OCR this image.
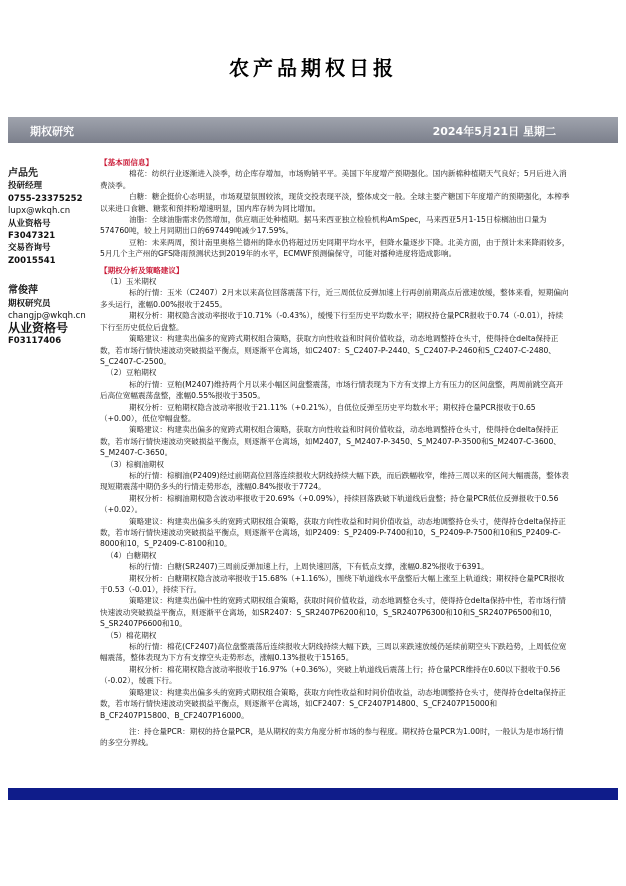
农产品期权日报
期权研究	2024年5月21日 星期二
卢品先
投研经理
0755-23375252
lupx@wkqh.cn
从业资格号
F3047321
交易咨询号
Z0015541
常俊萍
期权研究员
changjp@wkqh.cn
从业资格号
F03117406

【基本面信息】

棉花：纺织行业逐渐进入淡季，纺企库存增加，市场购销平平。美国下年度增产预期强化。国内新棉种植期天气良好；5月后进入消费淡季。

白糖：糖企挺价心态明显，市场观望氛围较浓，现货交投表现平淡，整体成交一般。全球主要产糖国下年度增产的预期强化，本榨季以来进口食糖、糖浆和预拌粉增速明显，国内库存转为同比增加。

油脂：全球油脂需求仍然增加，供应端正处种植期。据马来西亚独立检验机构AmSpec，马来西亚5月1-15日棕榈油出口量为574760吨，较上月同期出口的697449吨减少17.59%。

豆粕：未来两周，预计南里奥格兰德州的降水仍将超过历史同期平均水平，但降水量逐步下降。北美方面，由于预计未来降雨较多，5月几个主产州的GFS降雨预测状达到2019年的水平，ECMWF预测偏保守，可能对播种进度将造成影响。

【期权分析及策略建议】

（1）玉米期权

标的行情：玉米（C2407）2月末以来高位回落震荡下行，近三周低位反弹加速上行再创前期高点后涨速放缓，整体来看，短期偏向多头运行，涨幅0.00%报收于2455。

期权分析：期权隐含波动率报收于10.71%（-0.43%），缓慢下行至历史平均数水平；期权持仓量PCR报收于0.74（-0.01），持续下行至历史低位后盘整。

策略建议：构建卖出偏多的宽跨式期权组合策略，获取方向性收益和时间价值收益，动态地调整持仓头寸，使得持仓delta保持正数，若市场行情快速波动突破损益平衡点，则逐渐平仓离场，如C2407：S_C2407-P-2440、S_C2407-P-2460和S_C2407-C-2480、S_C2407-C-2500。

（2）豆粕期权

标的行情：豆粕(M2407)维持两个月以来小幅区间盘整震荡，市场行情表现为下方有支撑上方有压力的区间盘整，两周前跳空高开后高位宽幅震荡盘整，涨幅0.55%报收于3505。

期权分析：豆粕期权隐含波动率报收于21.11%（+0.21%），自低位反弹至历史平均数水平；期权持仓量PCR报收于0.65（+0.00），低位窄幅盘整。

策略建议：构建卖出偏多的宽跨式期权组合策略，获取方向性收益和时间价值收益，动态地调整持仓头寸，使得持仓delta保持正数，若市场行情快速波动突破损益平衡点，则逐渐平仓离场，如M2407，S_M2407-P-3450、S_M2407-P-3500和S_M2407-C-3600、S_M2407-C-3650。

（3）棕榈油期权

标的行情：棕榈油(P2409)经过前期高位回落连续报收大阴线持续大幅下跌，而后跌幅收窄，维持三周以来的区间大幅震荡，整体表现短期震荡中期仍多头的行情走势形态，涨幅0.84%报收于7724。

期权分析：棕榈油期权隐含波动率报收于20.69%（+0.09%），持续回落跌破下轨道线后盘整；持仓量PCR低位反弹报收于0.56（+0.02）。

策略建议：构建卖出偏多头的宽跨式期权组合策略，获取方向性收益和时间价值收益，动态地调整持仓头寸，使得持仓delta保持正数，若市场行情快速波动突破损益平衡点，则逐渐平仓离场，如P2409：S_P2409-P-7400和10，S_P2409-P-7500和10和S_P2409-C-8000和10，S_P2409-C-8100和10。

（4）白糖期权

标的行情：白糖(SR2407)三周前反弹加速上行，上周快速回落，下有低点支撑，涨幅0.82%报收于6391。

期权分析：白糖期权隐含波动率报收于15.68%（+1.16%），围绕下轨道线水平盘整后大幅上涨至上轨道线；期权持仓量PCR报收于0.53（-0.01），持续下行。

策略建议：构建卖出偏中性的宽跨式期权组合策略，获取时间价值收益，动态地调整仓头寸，使得持仓delta保持中性，若市场行情快速波动突破损益平衡点，则逐渐平仓离场，如SR2407：S_SR2407P6200和10，S_SR2407P6300和10和S_SR2407P6500和10，S_SR2407P6600和10。

（5）棉花期权

标的行情：棉花(CF2407)高位盘整震荡后连续报收大阴线持续大幅下跌，三周以来跌速放缓仍延续前期空头下跌趋势，上周低位宽幅震荡，整体表现为下方有支撑空头走势形态，涨幅0.13%报收于15165。

期权分析：棉花期权隐含波动率报收于16.97%（+0.36%），突破上轨道线后震荡上行；持仓量PCR维持在0.60以下报收于0.56（-0.02），缓震下行。

策略建议：构建卖出偏多头的宽跨式期权组合策略，获取方向性收益和时间价值收益，动态地调整持仓头寸，使得持仓delta保持正数，若市场行情快速波动突破损益平衡点，则逐渐平仓离场，如CF2407：S_CF2407P14800、S_CF2407P15000和B_CF2407P15800、B_CF2407P16000。

注：持仓量PCR：期权的持仓量PCR，是从期权的卖方角度分析市场的参与程度。期权持仓量PCR为1.00时，一般认为是市场行情的多空分界线。
